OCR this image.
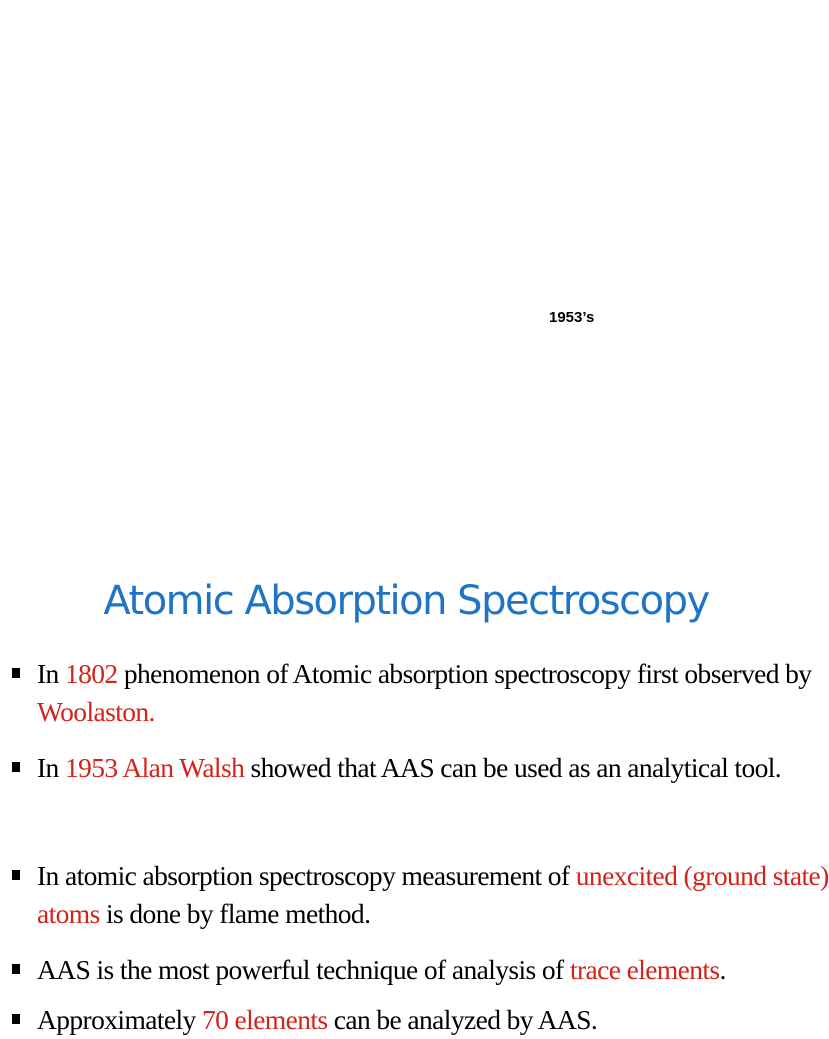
1953’s
Atomic Absorption Spectroscopy
In 1802 phenomenon of Atomic absorption spectroscopy first observed by
Woolaston.
In 1953 Alan Walsh showed that AAS can be used as an analytical tool.
In atomic absorption spectroscopy measurement of unexcited (ground state)
atoms is done by flame method.
AAS is the most powerful technique of analysis of trace elements.
Approximately 70 elements can be analyzed by AAS.
